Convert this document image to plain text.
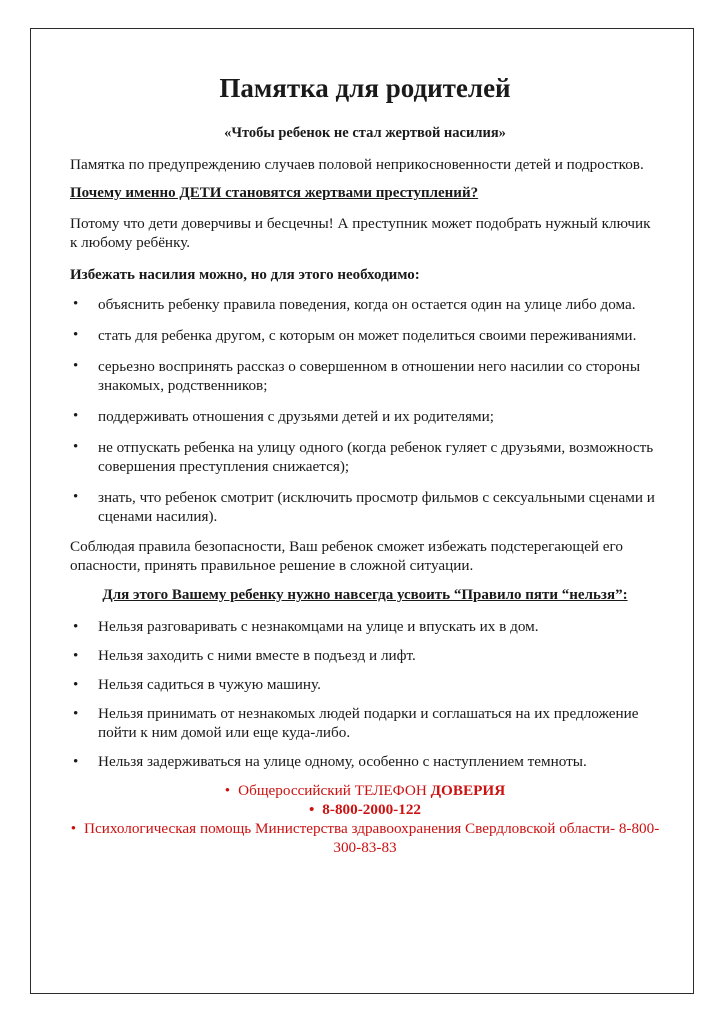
Памятка для родителей

«Чтобы ребенок не стал жертвой насилия»

Памятка по предупреждению случаев половой неприкосновенности детей и подростков.

Почему именно ДЕТИ становятся жертвами преступлений?

Потому что дети доверчивы и бесцечны! А преступник может подобрать нужный ключик к любому ребёнку.

Избежать насилия можно, но для этого необходимо:

• объяснить ребенку правила поведения, когда он остается один на улице либо дома.
• стать для ребенка другом, с которым он может поделиться своими переживаниями.
• серьезно воспринять рассказ о совершенном в отношении него насилии со стороны знакомых, родственников;
• поддерживать отношения с друзьями детей и их родителями;
• не отпускать ребенка на улицу одного (когда ребенок гуляет с друзьями, возможность совершения преступления снижается);
• знать, что ребенок смотрит (исключить просмотр фильмов с сексуальными сценами и сценами насилия).

Соблюдая правила безопасности, Ваш ребенок сможет избежать подстерегающей его опасности, принять правильное решение в сложной ситуации.

Для этого Вашему ребенку нужно навсегда усвоить “Правило пяти “нельзя”:

• Нельзя разговаривать с незнакомцами на улице и впускать их в дом.
• Нельзя заходить с ними вместе в подъезд и лифт.
• Нельзя садиться в чужую машину.
• Нельзя принимать от незнакомых людей подарки и соглашаться на их предложение пойти к ним домой или еще куда-либо.
• Нельзя задерживаться на улице одному, особенно с наступлением темноты.
• Общероссийский ТЕЛЕФОН ДОВЕРИЯ
• 8-800-2000-122
• Психологическая помощь Министерства здравоохранения Свердловской области- 8-800-300-83-83
